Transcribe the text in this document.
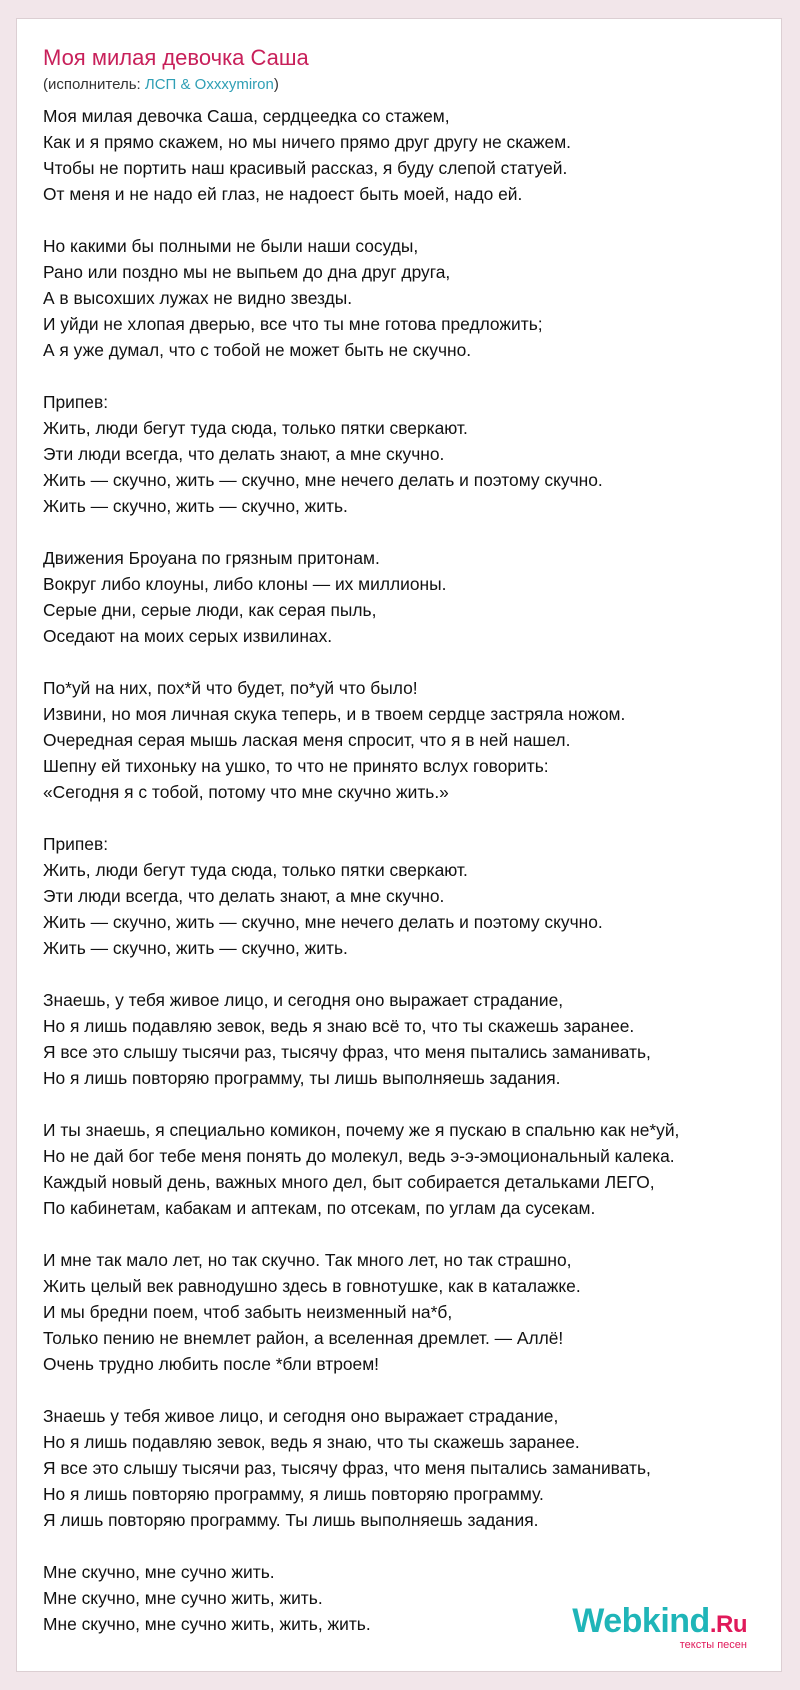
Моя милая девочка Саша
(исполнитель: ЛСП & Oxxxymiron)
Моя милая девочка Саша, сердцеедка со стажем,
Как и я прямо скажем, но мы ничего прямо друг другу не скажем.
Чтобы не портить наш красивый рассказ, я буду слепой статуей.
От меня и не надо ей глаз, не надоест быть моей, надо ей.
Но какими бы полными не были наши сосуды,
Рано или поздно мы не выпьем до дна друг друга,
А в высохших лужах не видно звезды.
И уйди не хлопая дверью, все что ты мне готова предложить;
А я уже думал, что с тобой не может быть не скучно.
Припев:
Жить, люди бегут туда сюда, только пятки сверкают.
Эти люди всегда, что делать знают, а мне скучно.
Жить — скучно, жить — скучно, мне нечего делать и поэтому скучно.
Жить — скучно, жить — скучно, жить.
Движения Броуана по грязным притонам.
Вокруг либо клоуны, либо клоны — их миллионы.
Серые дни, серые люди, как серая пыль,
Оседают на моих серых извилинах.
По*уй на них, пох*й что будет, по*уй что было!
Извини, но моя личная скука теперь, и в твоем сердце застряла ножом.
Очередная серая мышь лаская меня спросит, что я в ней нашел.
Шепну ей тихоньку на ушко, то что не принято вслух говорить:
«Сегодня я с тобой, потому что мне скучно жить.»
Припев:
Жить, люди бегут туда сюда, только пятки сверкают.
Эти люди всегда, что делать знают, а мне скучно.
Жить — скучно, жить — скучно, мне нечего делать и поэтому скучно.
Жить — скучно, жить — скучно, жить.
Знаешь, у тебя живое лицо, и сегодня оно выражает страдание,
Но я лишь подавляю зевок, ведь я знаю всё то, что ты скажешь заранее.
Я все это слышу тысячи раз, тысячу фраз, что меня пытались заманивать,
Но я лишь повторяю программу, ты лишь выполняешь задания.
И ты знаешь, я специально комикон, почему же я пускаю в спальню как не*уй,
Но не дай бог тебе меня понять до молекул, ведь э-э-эмоциональный калека.
Каждый новый день, важных много дел, быт собирается детальками ЛЕГО,
По кабинетам, кабакам и аптекам, по отсекам, по углам да сусекам.
И мне так мало лет, но так скучно. Так много лет, но так страшно,
Жить целый век равнодушно здесь в говнотушке, как в каталажке.
И мы бредни поем, чтоб забыть неизменный на*б,
Только пению не внемлет район, а вселенная дремлет. — Аллё!
Очень трудно любить после *бли втроем!
Знаешь у тебя живое лицо, и сегодня оно выражает страдание,
Но я лишь подавляю зевок, ведь я знаю, что ты скажешь заранее.
Я все это слышу тысячи раз, тысячу фраз, что меня пытались заманивать,
Но я лишь повторяю программу, я лишь повторяю программу.
Я лишь повторяю программу. Ты лишь выполняешь задания.
Мне скучно, мне сучно жить.
Мне скучно, мне сучно жить, жить.
Мне скучно, мне сучно жить, жить, жить.	Webkind.Ru
тексты песен
